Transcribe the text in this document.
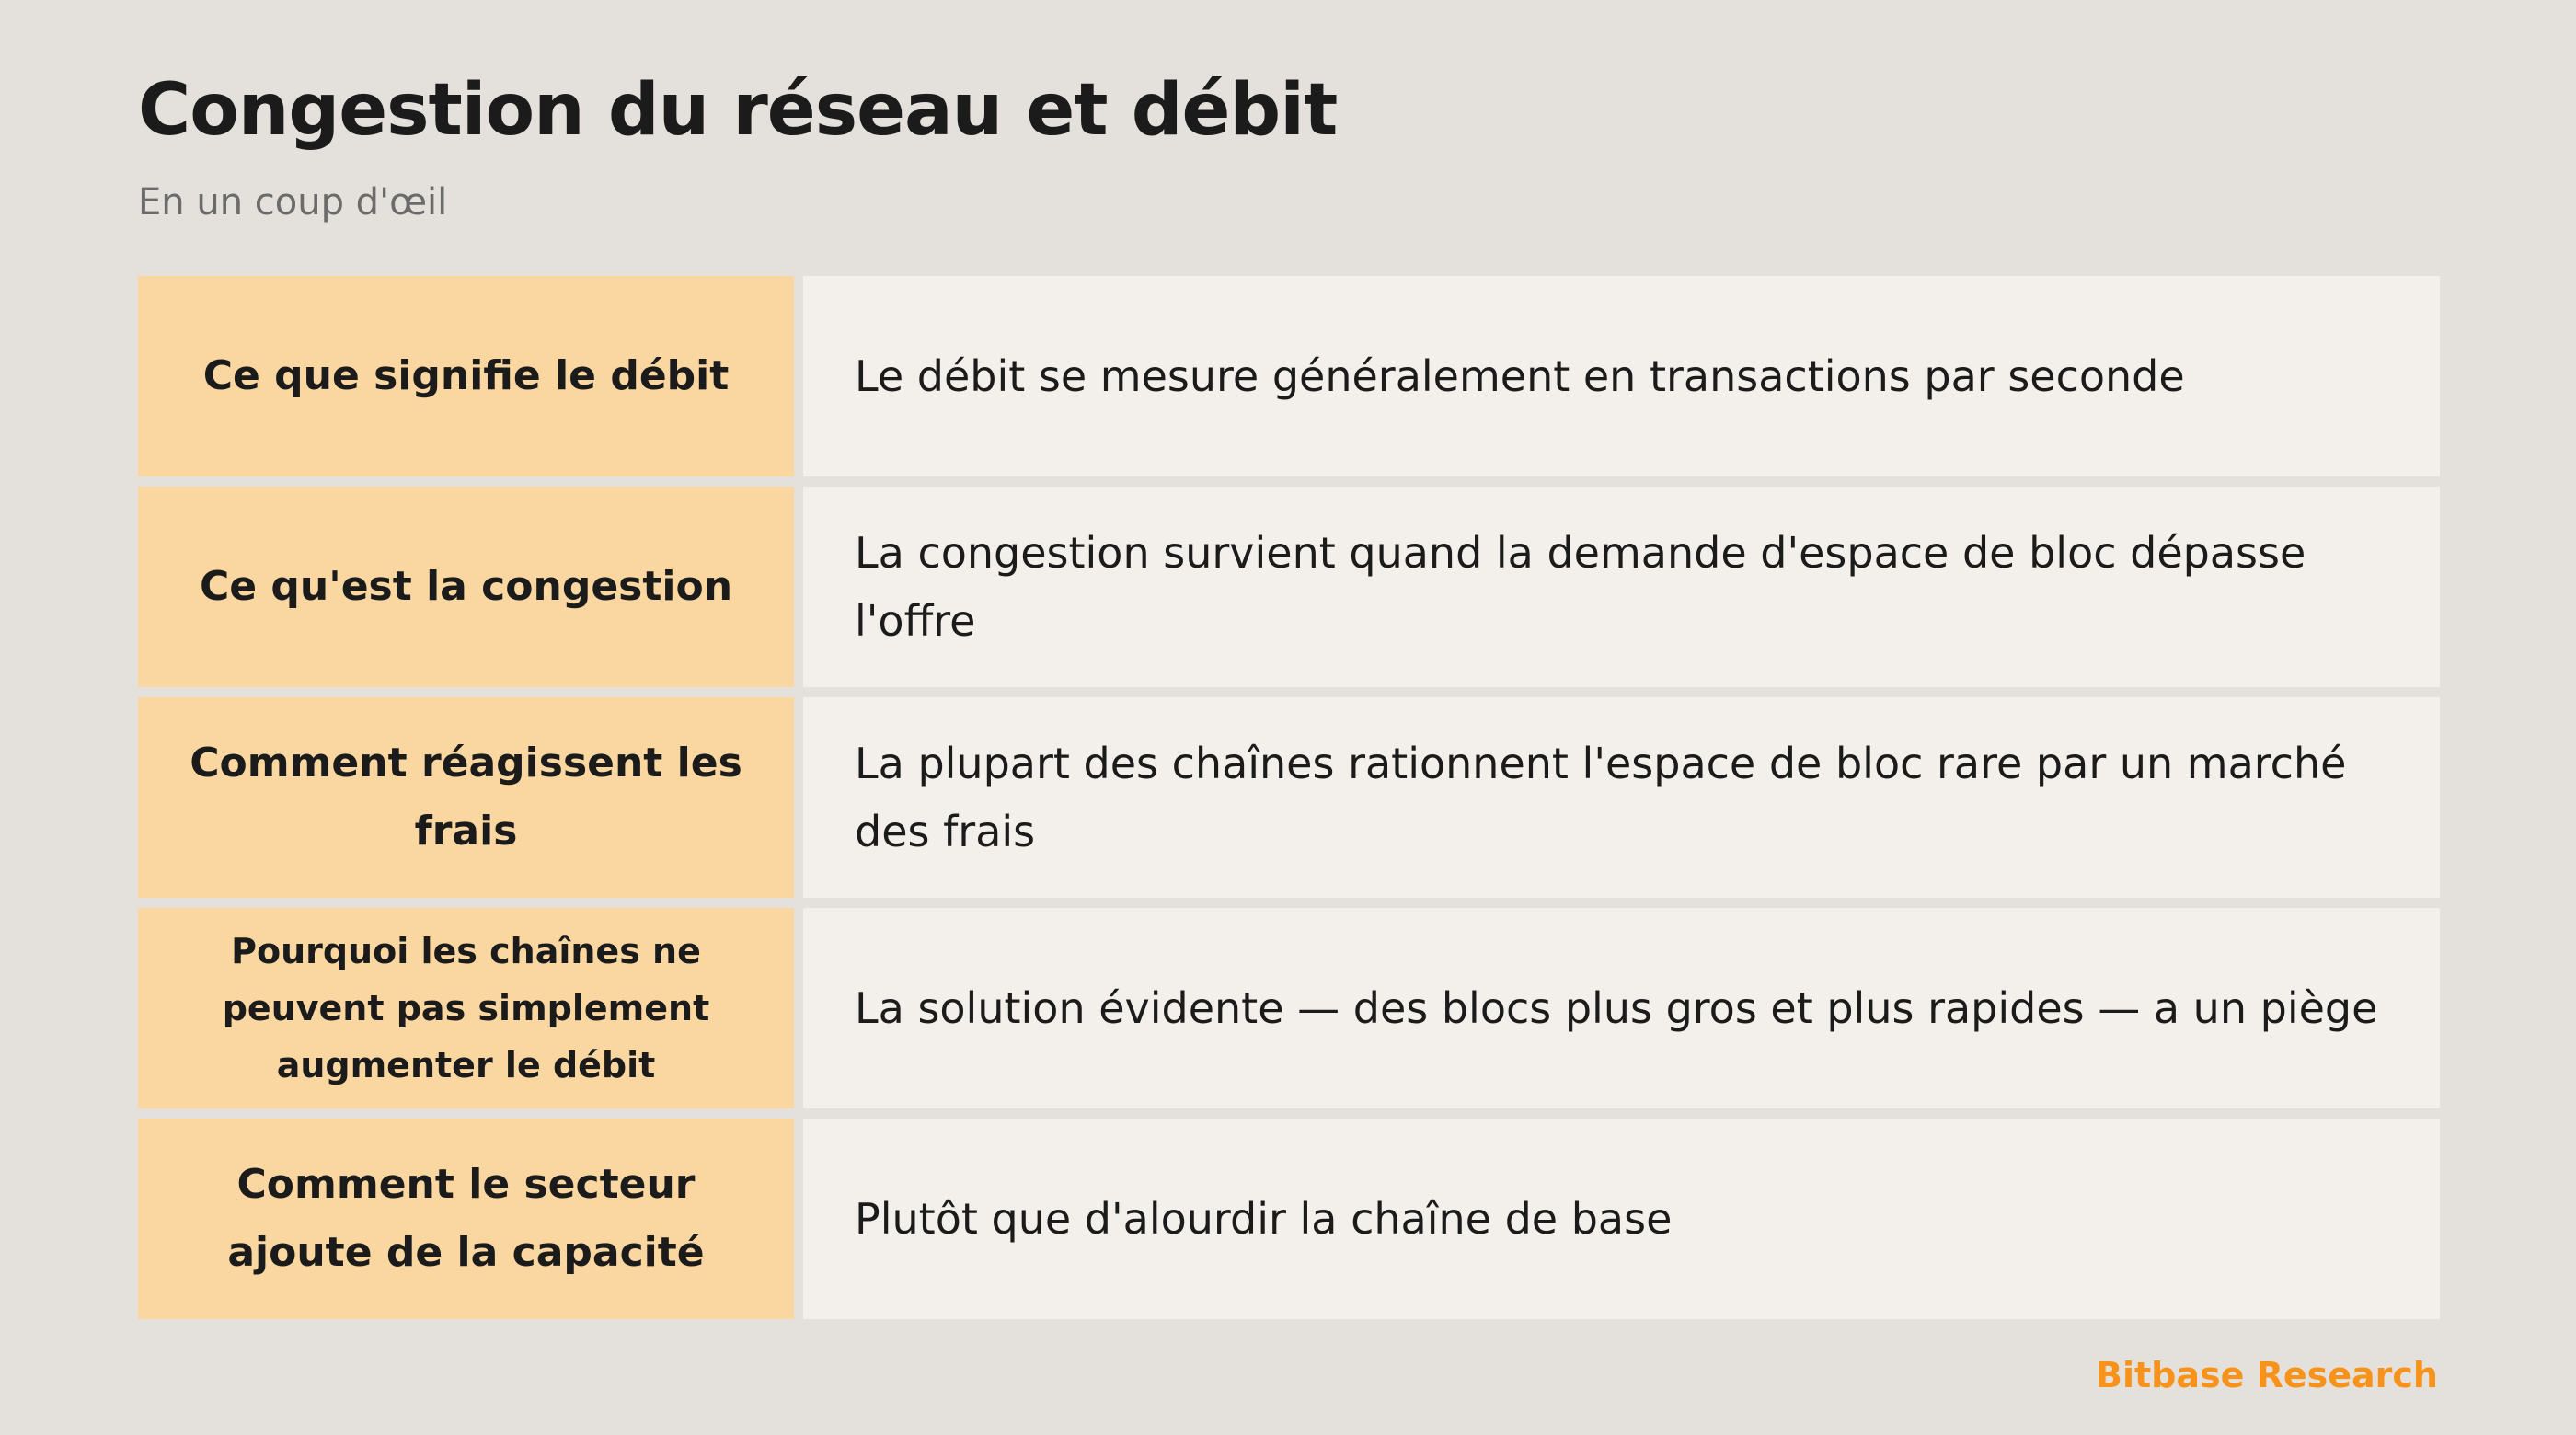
Congestion du réseau et débit
En un coup d'œil
Ce que signifie le débit	Le débit se mesure généralement en transactions par seconde
Ce qu'est la congestion
La congestion survient quand la demande d'espace de bloc dépasse l'offre
Comment réagissent les frais
La plupart des chaînes rationnent l'espace de bloc rare par un marché des frais
Pourquoi les chaînes ne peuvent pas simplement augmenter le débit
La solution évidente — des blocs plus gros et plus rapides — a un piège
Comment le secteur ajoute de la capacité
Plutôt que d'alourdir la chaîne de base
Bitbase Research
